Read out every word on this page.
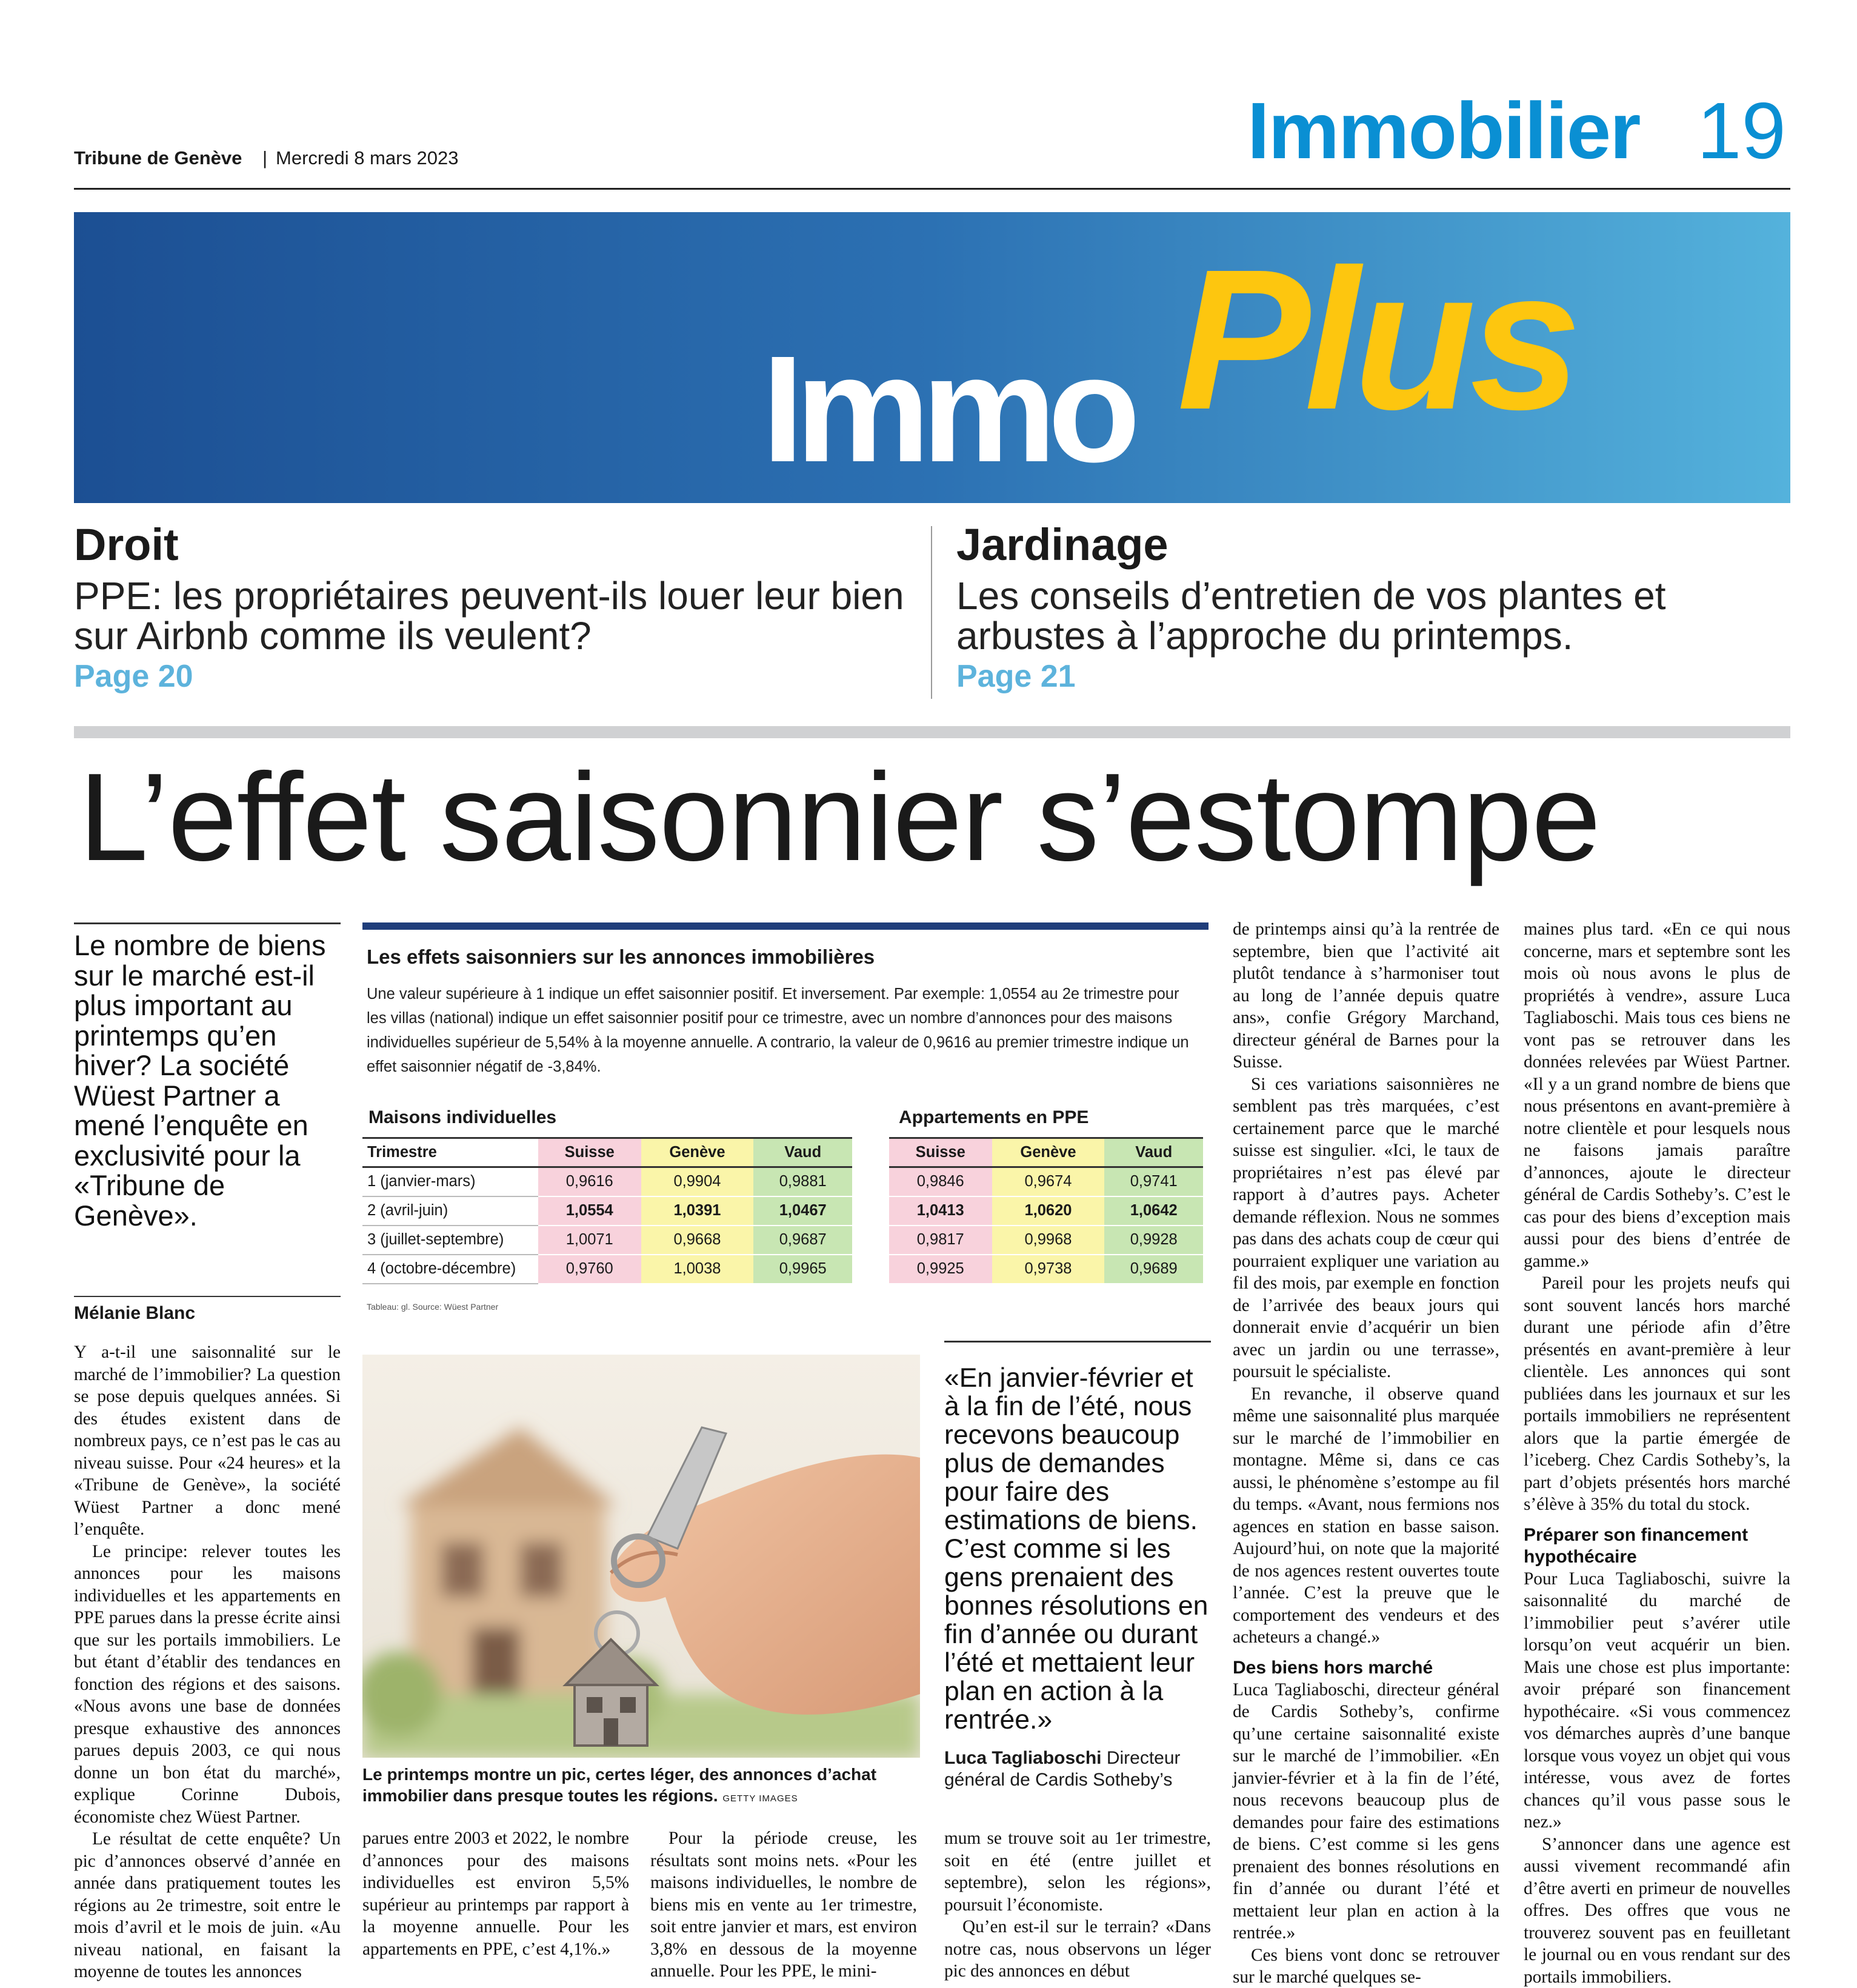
Tribune de Genève | Mercredi 8 mars 2023	Immobilier 19
Immo Plus
Droit
PPE: les propriétaires peuvent-ils louer leur bien sur Airbnb comme ils veulent?
Page 20
Jardinage
Les conseils d’entretien de vos plantes et arbustes à l’approche du printemps.
Page 21
L’effet saisonnier s’estompe
Le nombre de biens sur le marché est-il plus important au printemps qu’en hiver? La société Wüest Partner a mené l’enquête en exclusivité pour la «Tribune de Genève».
Mélanie Blanc

Y a-t-il une saisonnalité sur le marché de l’immobilier? La question se pose depuis quelques années. Si des études existent dans de nombreux pays, ce n’est pas le cas au niveau suisse. Pour «24 heures» et la «Tribune de Genève», la société Wüest Partner a donc mené l’enquête.

Le principe: relever toutes les annonces pour les maisons individuelles et les appartements en PPE parues dans la presse écrite ainsi que sur les portails immobiliers. Le but étant d’établir des tendances en fonction des régions et des saisons. «Nous avons une base de données presque exhaustive des annonces parues depuis 2003, ce qui nous donne un bon état du marché», explique Corinne Dubois, économiste chez Wüest Partner.

Le résultat de cette enquête? Un pic d’annonces observé d’année en année dans pratiquement toutes les régions au 2e trimestre, soit entre le mois d’avril et le mois de juin. «Au niveau national, en faisant la moyenne de toutes les annonces

Les effets saisonniers sur les annonces immobilières
Une valeur supérieure à 1 indique un effet saisonnier positif. Et inversement. Par exemple: 1,0554 au 2e trimestre pour les villas (national) indique un effet saisonnier positif pour ce trimestre, avec un nombre d’annonces pour des maisons individuelles supérieur de 5,54% à la moyenne annuelle. A contrario, la valeur de 0,9616 au premier trimestre indique un effet saisonnier négatif de -3,84%.
Maisons individuelles
Trimestre	Suisse	Genève	Vaud
1 (janvier-mars)	0,9616	0,9904	0,9881
2 (avril-juin)	1,0554	1,0391	1,0467
3 (juillet-septembre)	1,0071	0,9668	0,9687
4 (octobre-décembre)	0,9760	1,0038	0,9965
Appartements en PPE
Suisse	Genève	Vaud
0,9846	0,9674	0,9741
1,0413	1,0620	1,0642
0,9817	0,9968	0,9928
0,9925	0,9738	0,9689
Tableau: gl. Source: Wüest Partner
Le printemps montre un pic, certes léger, des annonces d’achat immobilier dans presque toutes les régions. GETTY IMAGES
«En janvier-février et à la fin de l’été, nous recevons beaucoup plus de demandes pour faire des estimations de biens. C’est comme si les gens prenaient des bonnes résolutions en fin d’année ou durant l’été et mettaient leur plan en action à la rentrée.»
Luca Tagliaboschi Directeur général de Cardis Sotheby’s

parues entre 2003 et 2022, le nombre d’annonces pour des maisons individuelles est environ 5,5% supérieur au printemps par rapport à la moyenne annuelle. Pour les appartements en PPE, c’est 4,1%.»

Pour la période creuse, les résultats sont moins nets. «Pour les maisons individuelles, le nombre de biens mis en vente au 1er trimestre, soit entre janvier et mars, est environ 3,8% en dessous de la moyenne annuelle. Pour les PPE, le mini-

mum se trouve soit au 1er trimestre, soit en été (entre juillet et septembre), selon les régions», poursuit l’économiste.

Qu’en est-il sur le terrain? «Dans notre cas, nous observons un léger pic des annonces en début

de printemps ainsi qu’à la rentrée de septembre, bien que l’activité ait plutôt tendance à s’harmoniser tout au long de l’année depuis quatre ans», confie Grégory Marchand, directeur général de Barnes pour la Suisse.

Si ces variations saisonnières ne semblent pas très marquées, c’est certainement parce que le marché suisse est singulier. «Ici, le taux de propriétaires n’est pas élevé par rapport à d’autres pays. Acheter demande réflexion. Nous ne sommes pas dans des achats coup de cœur qui pourraient expliquer une variation au fil des mois, par exemple en fonction de l’arrivée des beaux jours qui donnerait envie d’acquérir un bien avec un jardin ou une terrasse», poursuit le spécialiste.

En revanche, il observe quand même une saisonnalité plus marquée sur le marché de l’immobilier en montagne. Même si, dans ce cas aussi, le phénomène s’estompe au fil du temps. «Avant, nous fermions nos agences en station en basse saison. Aujourd’hui, on note que la majorité de nos agences restent ouvertes toute l’année. C’est la preuve que le comportement des vendeurs et des acheteurs a changé.»

Des biens hors marché

Luca Tagliaboschi, directeur général de Cardis Sotheby’s, confirme qu’une certaine saisonnalité existe sur le marché de l’immobilier. «En janvier-février et à la fin de l’été, nous recevons beaucoup plus de demandes pour faire des estimations de biens. C’est comme si les gens prenaient des bonnes résolutions en fin d’année ou durant l’été et mettaient leur plan en action à la rentrée.»

Ces biens vont donc se retrouver sur le marché quelques se-

maines plus tard. «En ce qui nous concerne, mars et septembre sont les mois où nous avons le plus de propriétés à vendre», assure Luca Tagliaboschi. Mais tous ces biens ne vont pas se retrouver dans les données relevées par Wüest Partner. «Il y a un grand nombre de biens que nous présentons en avant-première à notre clientèle et pour lesquels nous ne faisons jamais paraître d’annonces, ajoute le directeur général de Cardis Sotheby’s. C’est le cas pour des biens d’exception mais aussi pour des biens d’entrée de gamme.»

Pareil pour les projets neufs qui sont souvent lancés hors marché durant une période afin d’être présentés en avant-première à leur clientèle. Les annonces qui sont publiées dans les journaux et sur les portails immobiliers ne représentent alors que la partie émergée de l’iceberg. Chez Cardis Sotheby’s, la part d’objets présentés hors marché s’élève à 35% du total du stock.

Préparer son financement hypothécaire

Pour Luca Tagliaboschi, suivre la saisonnalité du marché de l’immobilier peut s’avérer utile lorsqu’on veut acquérir un bien. Mais une chose est plus importante: avoir préparé son financement hypothécaire. «Si vous commencez vos démarches auprès d’une banque lorsque vous voyez un objet qui vous intéresse, vous avez de fortes chances qu’il vous passe sous le nez.»

S’annoncer dans une agence est aussi vivement recommandé afin d’être averti en primeur de nouvelles offres. Des offres que vous ne trouverez souvent pas en feuilletant le journal ou en vous rendant sur des portails immobiliers.
